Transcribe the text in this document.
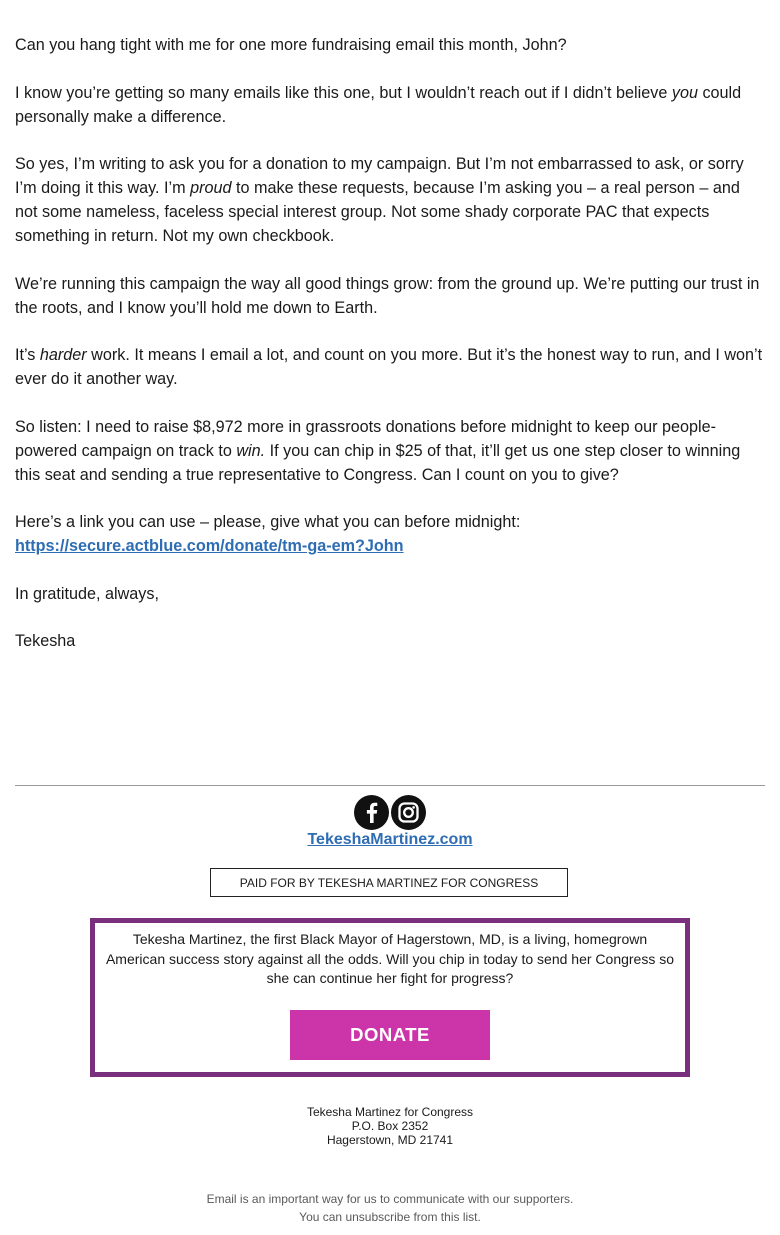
Can you hang tight with me for one more fundraising email this month, John?

I know you’re getting so many emails like this one, but I wouldn’t reach out if I didn’t believe you could personally make a difference.

So yes, I’m writing to ask you for a donation to my campaign. But I’m not embarrassed to ask, or sorry I’m doing it this way. I’m proud to make these requests, because I’m asking you – a real person – and not some nameless, faceless special interest group. Not some shady corporate PAC that expects something in return. Not my own checkbook.

We’re running this campaign the way all good things grow: from the ground up. We’re putting our trust in the roots, and I know you’ll hold me down to Earth.

It’s harder work. It means I email a lot, and count on you more. But it’s the honest way to run, and I won’t ever do it another way.

So listen: I need to raise $8,972 more in grassroots donations before midnight to keep our people-powered campaign on track to win. If you can chip in $25 of that, it’ll get us one step closer to winning this seat and sending a true representative to Congress. Can I count on you to give?

Here’s a link you can use – please, give what you can before midnight:
https://secure.actblue.com/donate/tm-ga-em?John

In gratitude, always,

Tekesha

TekeshaMartinez.com
PAID FOR BY TEKESHA MARTINEZ FOR CONGRESS
Tekesha Martinez, the first Black Mayor of Hagerstown, MD, is a living, homegrown American success story against all the odds. Will you chip in today to send her Congress so she can continue her fight for progress?
DONATE
Tekesha Martinez for Congress
P.O. Box 2352
Hagerstown, MD 21741
Email is an important way for us to communicate with our supporters.
You can unsubscribe from this list.
